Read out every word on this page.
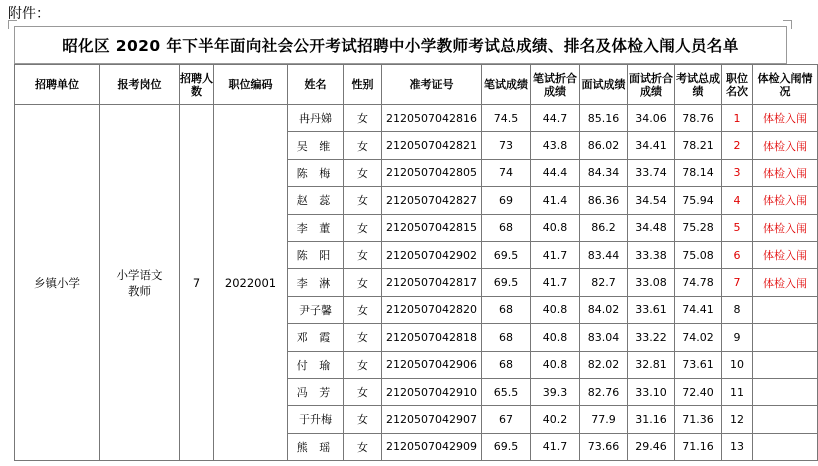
附件：
昭化区 2020 年下半年面向社会公开考试招聘中小学教师考试总成绩、排名及体检入闱人员名单
招聘单位	报考岗位	招聘人数	职位编码	姓名	性别	准考证号	笔试成绩	笔试折合成绩	面试成绩	面试折合成绩	考试总成绩	职位名次	体检入闱情况
乡镇小学	小学语文教师	7	2022001	冉丹娣	女	2120507042816	74.5	44.7	85.16	34.06	78.76	1	体检入闱
				吴 维	女	2120507042821	73	43.8	86.02	34.41	78.21	2	体检入闱
				陈 梅	女	2120507042805	74	44.4	84.34	33.74	78.14	3	体检入闱
				赵 蕊	女	2120507042827	69	41.4	86.36	34.54	75.94	4	体检入闱
				李 董	女	2120507042815	68	40.8	86.2	34.48	75.28	5	体检入闱
				陈 阳	女	2120507042902	69.5	41.7	83.44	33.38	75.08	6	体检入闱
				李 淋	女	2120507042817	69.5	41.7	82.7	33.08	74.78	7	体检入闱
				尹子馨	女	2120507042820	68	40.8	84.02	33.61	74.41	8	
				邓 霞	女	2120507042818	68	40.8	83.04	33.22	74.02	9	
				付 瑜	女	2120507042906	68	40.8	82.02	32.81	73.61	10	
				冯 芳	女	2120507042910	65.5	39.3	82.76	33.10	72.40	11	
				于升梅	女	2120507042907	67	40.2	77.9	31.16	71.36	12	
				熊 瑶	女	2120507042909	69.5	41.7	73.66	29.46	71.16	13	
